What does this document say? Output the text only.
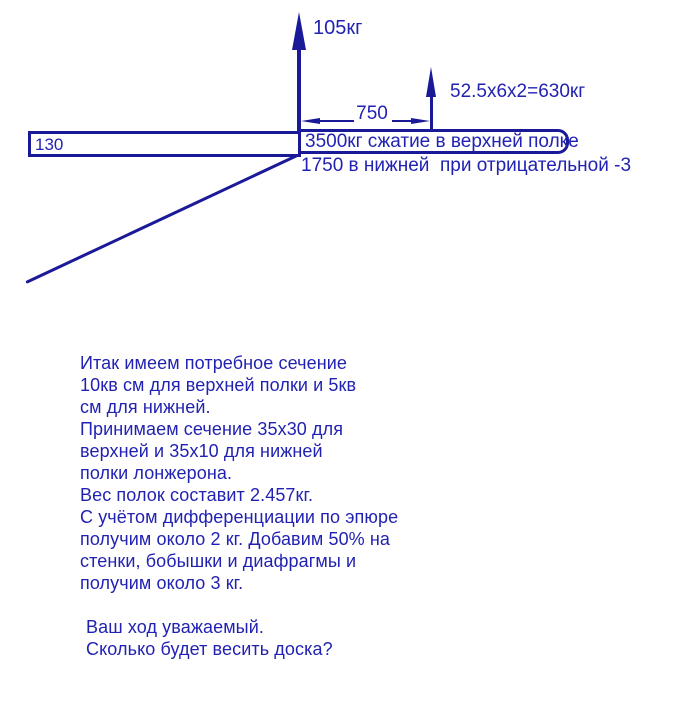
105кг
52.5х6х2=630кг
750
130	3500кг сжатие в верхней полке
1750 в нижней  при отрицательной -3
Итак имеем потребное сечение
10кв см для верхней полки и 5кв
см для нижней.
Принимаем сечение 35х30 для
верхней и 35х10 для нижней
полки лонжерона.
Вес полок составит 2.457кг.
С учётом дифференциации по эпюре
получим около 2 кг. Добавим 50% на
стенки, бобышки и диафрагмы и
получим около 3 кг.
Ваш ход уважаемый.
Сколько будет весить доска?
